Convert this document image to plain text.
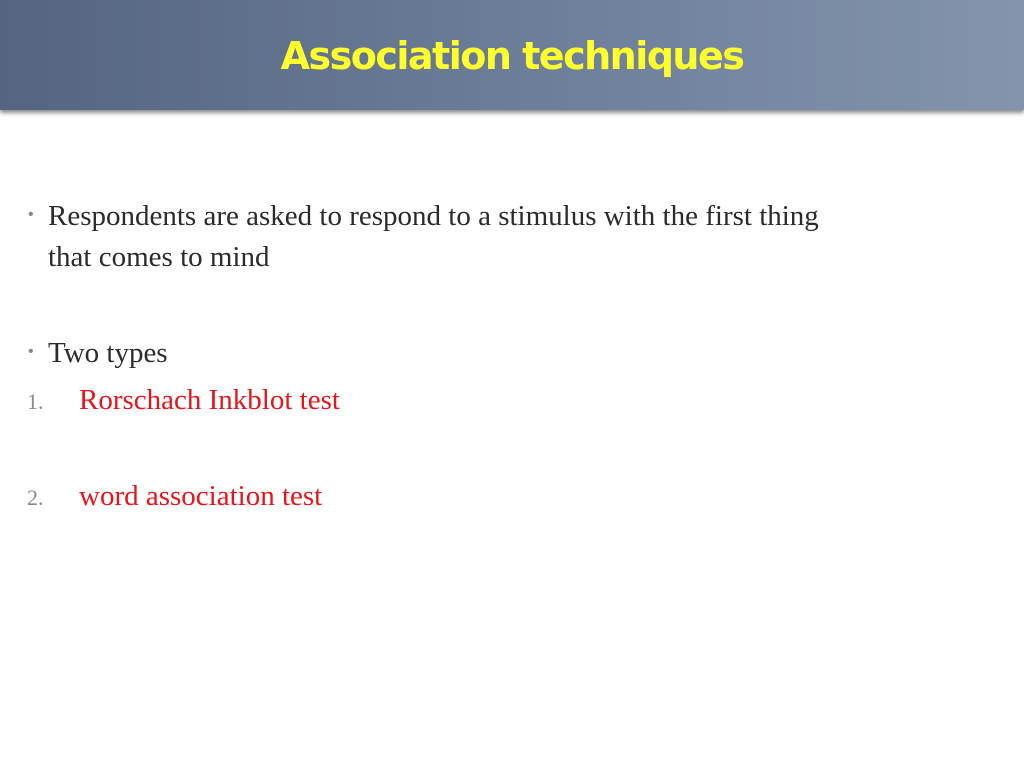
Association techniques
• Respondents are asked to respond to a stimulus with the first thing
that comes to mind
• Two types
1. Rorschach Inkblot test
2. word association test
